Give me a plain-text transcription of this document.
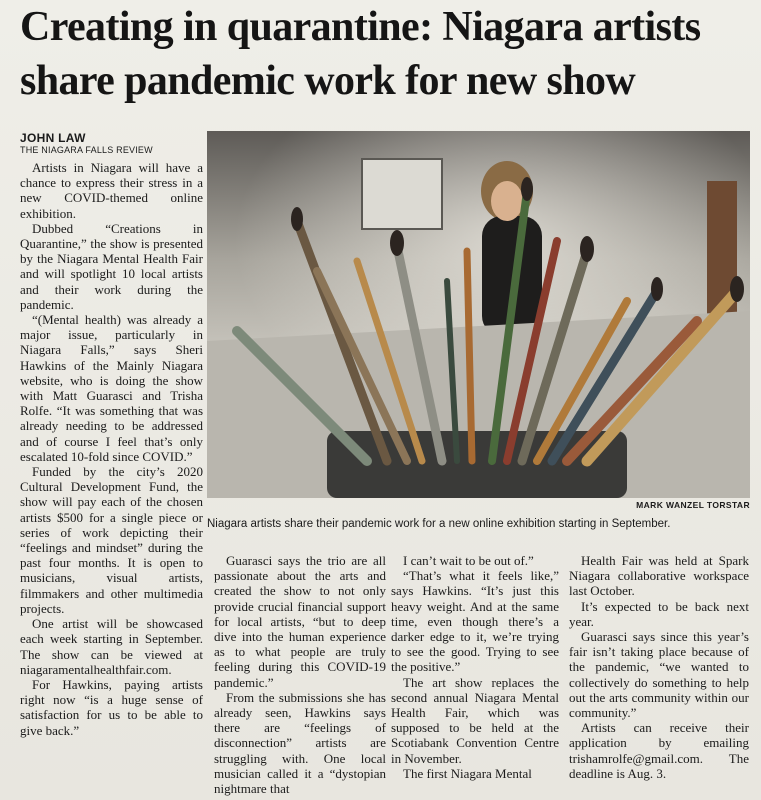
Creating in quarantine: Niagara artists
share pandemic work for new show
JOHN LAW
THE NIAGARA FALLS REVIEW

Artists in Niagara will have a chance to express their stress in a new COVID-themed online exhibition.

Dubbed “Creations in Quarantine,” the show is presented by the Niagara Mental Health Fair and will spotlight 10 local artists and their work during the pandemic.

“(Mental health) was already a major issue, particularly in Niagara Falls,” says Sheri Hawkins of the Mainly Niagara website, who is doing the show with Matt Guarasci and Trisha Rolfe. “It was something that was already needing to be addressed and of course I feel that’s only escalated 10-fold since COVID.”

Funded by the city’s 2020 Cultural Development Fund, the show will pay each of the chosen artists $500 for a single piece or series of work depicting their “feelings and mindset” during the past four months. It is open to musicians, visual artists, filmmakers and other multimedia projects.

One artist will be showcased each week starting in September. The show can be viewed at niagaramentalhealthfair.com.

For Hawkins, paying artists right now “is a huge sense of satisfaction for us to be able to give back.”

MARK WANZEL TORSTAR
Niagara artists share their pandemic work for a new online exhibition starting in September.

Guarasci says the trio are all passionate about the arts and created the show to not only provide crucial financial support for local artists, “but to deep dive into the human experience as to what people are truly feeling during this COVID-19 pandemic.”

From the submissions she has already seen, Hawkins says there are “feelings of disconnection” artists are struggling with. One local musician called it a “dystopian nightmare that

I can’t wait to be out of.”

“That’s what it feels like,” says Hawkins. “It’s just this heavy weight. And at the same time, even though there’s a darker edge to it, we’re trying to see the good. Trying to see the positive.”

The art show replaces the second annual Niagara Mental Health Fair, which was supposed to be held at the Scotiabank Convention Centre in November.

The first Niagara Mental

Health Fair was held at Spark Niagara collaborative workspace last October.

It’s expected to be back next year.

Guarasci says since this year’s fair isn’t taking place because of the pandemic, “we wanted to collectively do something to help out the arts community within our community.”

Artists can receive their application by emailing trishamrolfe@gmail.com. The deadline is Aug. 3.
